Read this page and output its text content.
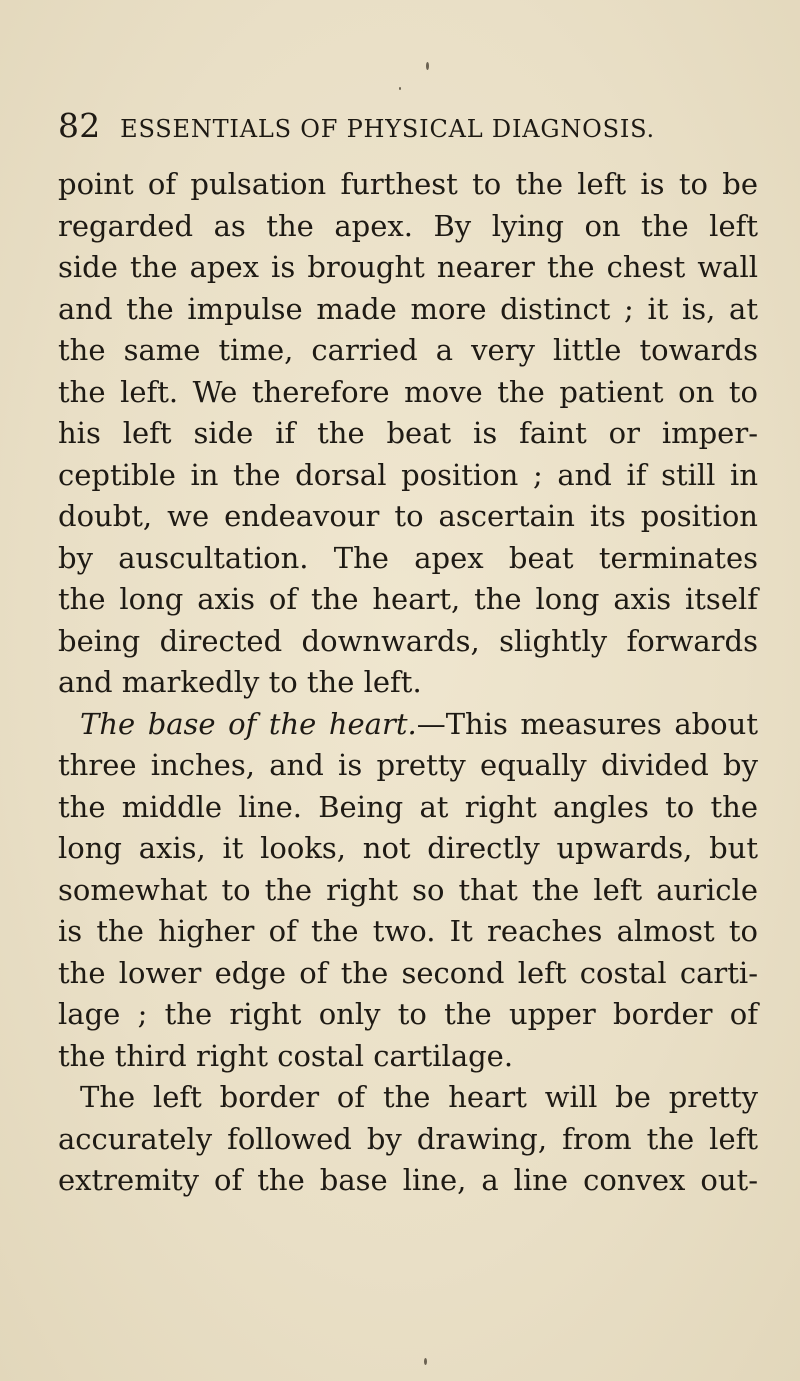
82 ESSENTIALS OF PHYSICAL DIAGNOSIS.
point of pulsation furthest to the left is to be
regarded as the apex. By lying on the left
side the apex is brought nearer the chest wall
and the impulse made more distinct ; it is, at
the same time, carried a very little towards
the left. We therefore move the patient on to
his left side if the beat is faint or imper-
ceptible in the dorsal position ; and if still in
doubt, we endeavour to ascertain its position
by auscultation. The apex beat terminates
the long axis of the heart, the long axis itself
being directed downwards, slightly forwards
and markedly to the left.
The base of the heart.—This measures about
three inches, and is pretty equally divided by
the middle line. Being at right angles to the
long axis, it looks, not directly upwards, but
somewhat to the right so that the left auricle
is the higher of the two. It reaches almost to
the lower edge of the second left costal carti-
lage ; the right only to the upper border of
the third right costal cartilage.
The left border of the heart will be pretty
accurately followed by drawing, from the left
extremity of the base line, a line convex out-
